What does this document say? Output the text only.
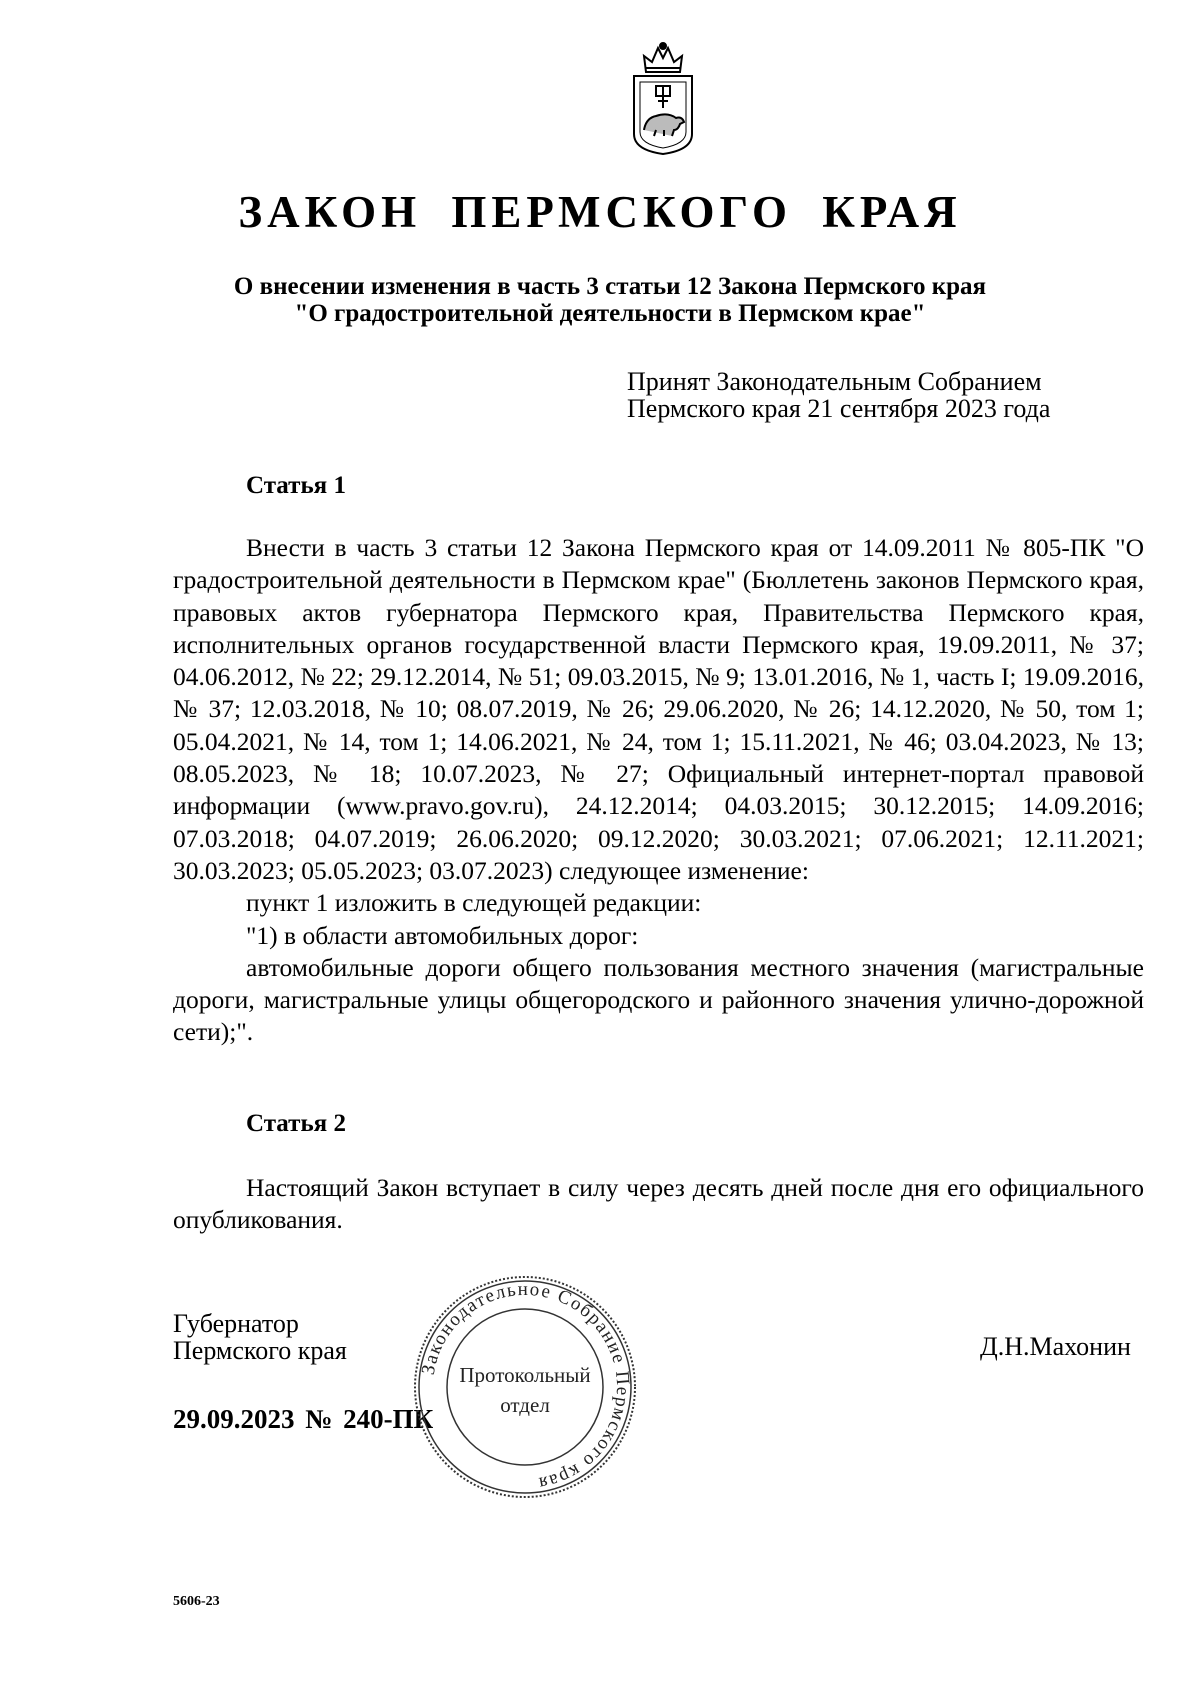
ЗАКОН ПЕРМСКОГО КРАЯ
О внесении изменения в часть 3 статьи 12 Закона Пермского края
"О градостроительной деятельности в Пермском крае"
Принят Законодательным Собранием
Пермского края 21 сентября 2023 года
Статья 1

Внести в часть 3 статьи 12 Закона Пермского края от 14.09.2011 № 805-ПК "О градостроительной деятельности в Пермском крае" (Бюллетень законов Пермского края, правовых актов губернатора Пермского края, Правительства Пермского края, исполнительных органов государственной власти Пермского края, 19.09.2011, № 37; 04.06.2012, № 22; 29.12.2014, № 51; 09.03.2015, № 9; 13.01.2016, № 1, часть I; 19.09.2016, № 37; 12.03.2018, № 10; 08.07.2019, № 26; 29.06.2020, № 26; 14.12.2020, № 50, том 1; 05.04.2021, № 14, том 1; 14.06.2021, № 24, том 1; 15.11.2021, № 46; 03.04.2023, № 13; 08.05.2023, № 18; 10.07.2023, № 27; Официальный интернет-портал правовой информации (www.pravo.gov.ru), 24.12.2014; 04.03.2015; 30.12.2015; 14.09.2016; 07.03.2018; 04.07.2019; 26.06.2020; 09.12.2020; 30.03.2021; 07.06.2021; 12.11.2021; 30.03.2023; 05.05.2023; 03.07.2023) следующее изменение:

пункт 1 изложить в следующей редакции:

"1) в области автомобильных дорог:

автомобильные дороги общего пользования местного значения (магистральные дороги, магистральные улицы общегородского и районного значения улично-дорожной сети);".

Статья 2

Настоящий Закон вступает в силу через десять дней после дня его официального опубликования.

Губернатор
Пермского края	Д.Н.Махонин
29.09.2023 № 240-ПК
Законодательное Собрание Пермского края
Протокольный
отдел
5606-23
